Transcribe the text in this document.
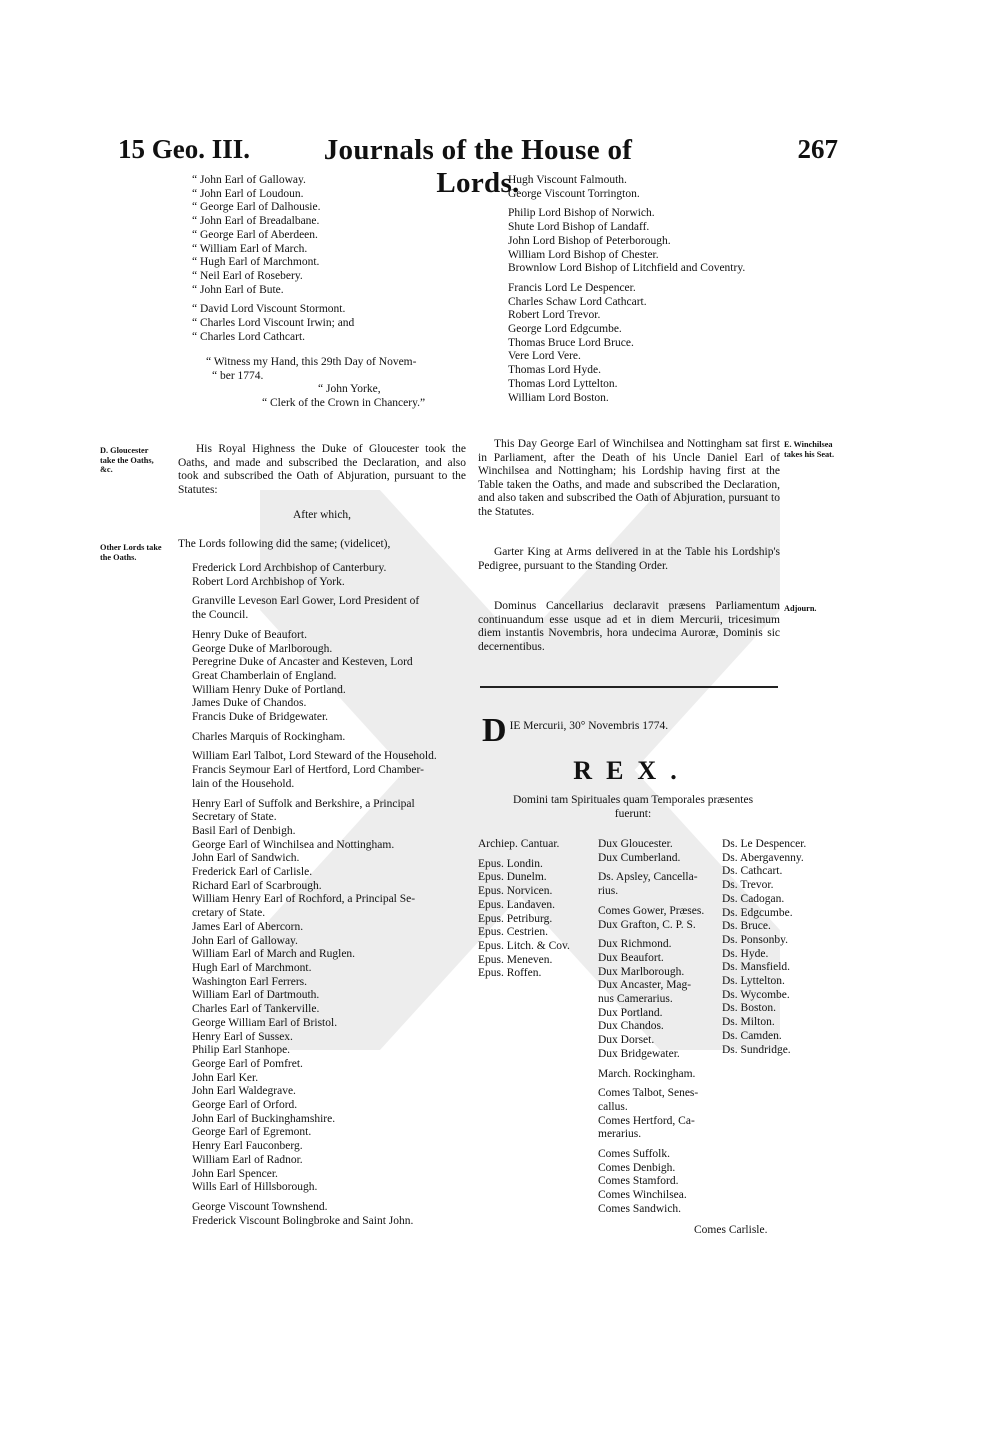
15 Geo. III.	Journals of the House of Lords.
267
“ John Earl of Galloway.
“ John Earl of Loudoun.
“ George Earl of Dalhousie.
“ John Earl of Breadalbane.
“ George Earl of Aberdeen.
“ William Earl of March.
“ Hugh Earl of Marchmont.
“ Neil Earl of Rosebery.
“ John Earl of Bute.
“ David Lord Viscount Stormont.
“ Charles Lord Viscount Irwin; and
“ Charles Lord Cathcart.
“ Witness my Hand, this 29th Day of Novem-
“ ber 1774.
“ John Yorke,
“ Clerk of the Crown in Chancery.”
D. Gloucester take the Oaths, &c.
Other Lords take the Oaths.
E. Winchilsea takes his Seat.
Adjourn.
His Royal Highness the Duke of Gloucester took the Oaths, and made and subscribed the Declaration, and also took and subscribed the Oath of Abjuration, pursuant to the Statutes:
After which,
The Lords following did the same; (videlicet),
Frederick Lord Archbishop of Canterbury.
Robert Lord Archbishop of York.
Granville Leveson Earl Gower, Lord President of
the Council.
Henry Duke of Beaufort.
George Duke of Marlborough.
Peregrine Duke of Ancaster and Kesteven, Lord
Great Chamberlain of England.
William Henry Duke of Portland.
James Duke of Chandos.
Francis Duke of Bridgewater.
Charles Marquis of Rockingham.
William Earl Talbot, Lord Steward of the Household.
Francis Seymour Earl of Hertford, Lord Chamber-
lain of the Household.
Henry Earl of Suffolk and Berkshire, a Principal
Secretary of State.
Basil Earl of Denbigh.
George Earl of Winchilsea and Nottingham.
John Earl of Sandwich.
Frederick Earl of Carlisle.
Richard Earl of Scarbrough.
William Henry Earl of Rochford, a Principal Se-
cretary of State.
James Earl of Abercorn.
John Earl of Galloway.
William Earl of March and Ruglen.
Hugh Earl of Marchmont.
Washington Earl Ferrers.
William Earl of Dartmouth.
Charles Earl of Tankerville.
George William Earl of Bristol.
Henry Earl of Sussex.
Philip Earl Stanhope.
George Earl of Pomfret.
John Earl Ker.
John Earl Waldegrave.
George Earl of Orford.
John Earl of Buckinghamshire.
George Earl of Egremont.
Henry Earl Fauconberg.
William Earl of Radnor.
John Earl Spencer.
Wills Earl of Hillsborough.
George Viscount Townshend.
Frederick Viscount Bolingbroke and Saint John.
Hugh Viscount Falmouth.
George Viscount Torrington.
Philip Lord Bishop of Norwich.
Shute Lord Bishop of Landaff.
John Lord Bishop of Peterborough.
William Lord Bishop of Chester.
Brownlow Lord Bishop of Litchfield and Coventry.
Francis Lord Le Despencer.
Charles Schaw Lord Cathcart.
Robert Lord Trevor.
George Lord Edgcumbe.
Thomas Bruce Lord Bruce.
Vere Lord Vere.
Thomas Lord Hyde.
Thomas Lord Lyttelton.
William Lord Boston.
This Day George Earl of Winchilsea and Nottingham sat first in Parliament, after the Death of his Uncle Daniel Earl of Winchilsea and Nottingham; his Lordship having first at the Table taken the Oaths, and made and subscribed the Declaration, and also taken and subscribed the Oath of Abjuration, pursuant to the Statutes.
Garter King at Arms delivered in at the Table his Lordship's Pedigree, pursuant to the Standing Order.
Dominus Cancellarius declaravit præsens Parliamentum continuandum esse usque ad et in diem Mercurii, tricesimum diem instantis Novembris, hora undecima Auroræ, Dominis sic decernentibus.
D IE Mercurii, 30° Novembris 1774.
REX.
Domini tam Spirituales quam Temporales præsentes fuerunt:
Archiep. Cantuar.
Epus. Londin.
Epus. Dunelm.
Epus. Norvicen.
Epus. Landaven.
Epus. Petriburg.
Epus. Cestrien.
Epus. Litch. & Cov.
Epus. Meneven.
Epus. Roffen.
Dux Gloucester.
Dux Cumberland.
Ds. Apsley, Cancella-
rius.
Comes Gower, Præses.
Dux Grafton, C. P. S.
Dux Richmond.
Dux Beaufort.
Dux Marlborough.
Dux Ancaster, Mag-
nus Camerarius.
Dux Portland.
Dux Chandos.
Dux Dorset.
Dux Bridgewater.
March. Rockingham.
Comes Talbot, Senes-
callus.
Comes Hertford, Ca-
merarius.
Comes Suffolk.
Comes Denbigh.
Comes Stamford.
Comes Winchilsea.
Comes Sandwich.
Ds. Le Despencer.
Ds. Abergavenny.
Ds. Cathcart.
Ds. Trevor.
Ds. Cadogan.
Ds. Edgcumbe.
Ds. Bruce.
Ds. Ponsonby.
Ds. Hyde.
Ds. Mansfield.
Ds. Lyttelton.
Ds. Wycombe.
Ds. Boston.
Ds. Milton.
Ds. Camden.
Ds. Sundridge.
Comes Carlisle.
